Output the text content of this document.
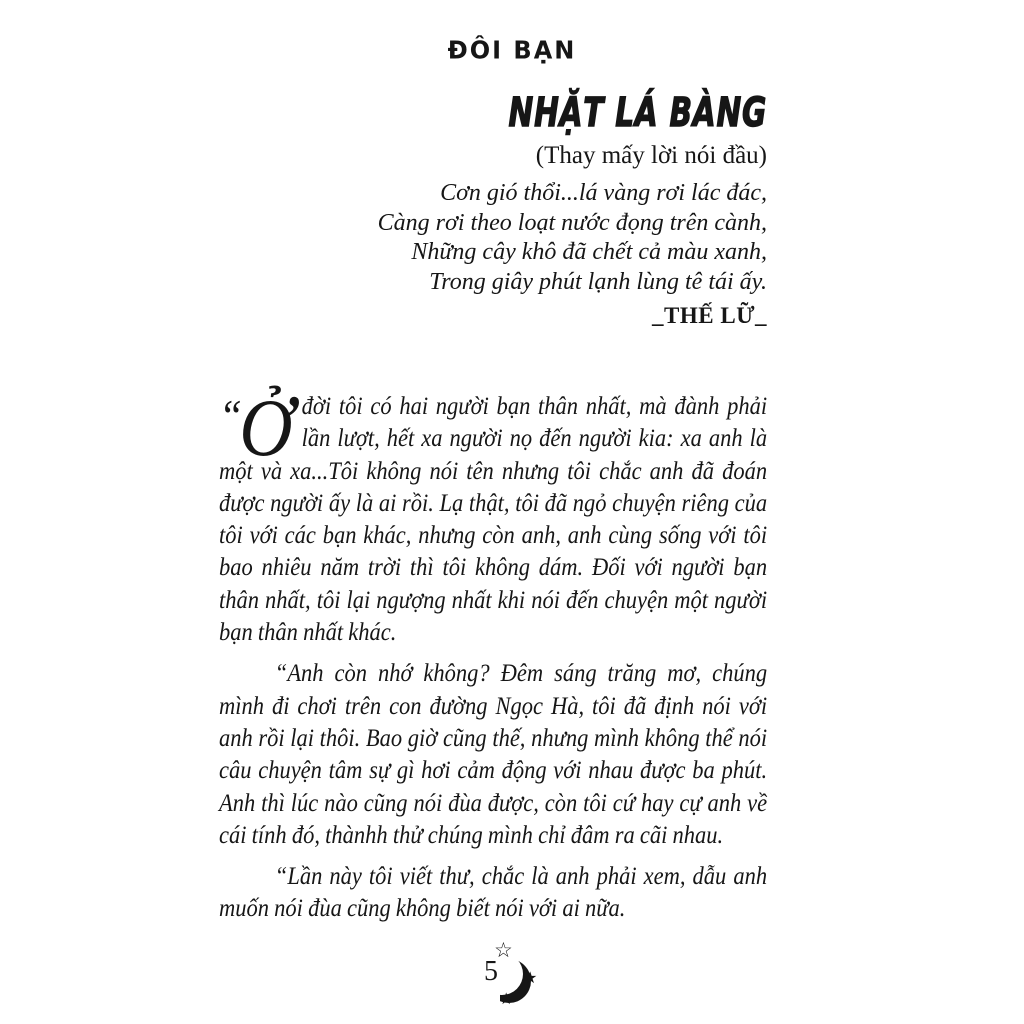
ĐÔI BẠN
NHẶT LÁ BÀNG
(Thay mấy lời nói đầu)
Cơn gió thổi...lá vàng rơi lác đác,
Càng rơi theo loạt nước đọng trên cành,
Những cây khô đã chết cả màu xanh,
Trong giây phút lạnh lùng tê tái ấy.
_THẾ LỮ_

“Ở đời tôi có hai người bạn thân nhất, mà đành phải lần lượt, hết xa người nọ đến người kia: xa anh là một và xa...Tôi không nói tên nhưng tôi chắc anh đã đoán được người ấy là ai rồi. Lạ thật, tôi đã ngỏ chuyện riêng của tôi với các bạn khác, nhưng còn anh, anh cùng sống với tôi bao nhiêu năm trời thì tôi không dám. Đối với người bạn thân nhất, tôi lại ngượng nhất khi nói đến chuyện một người bạn thân nhất khác.

“Anh còn nhớ không? Đêm sáng trăng mơ, chúng mình đi chơi trên con đường Ngọc Hà, tôi đã định nói với anh rồi lại thôi. Bao giờ cũng thế, nhưng mình không thể nói câu chuyện tâm sự gì hơi cảm động với nhau được ba phút. Anh thì lúc nào cũng nói đùa được, còn tôi cứ hay cự anh về cái tính đó, thànhh thử chúng mình chỉ đâm ra cãi nhau.

“Lần này tôi viết thư, chắc là anh phải xem, dẫu anh muốn nói đùa cũng không biết nói với ai nữa.

5
☆
★
★
